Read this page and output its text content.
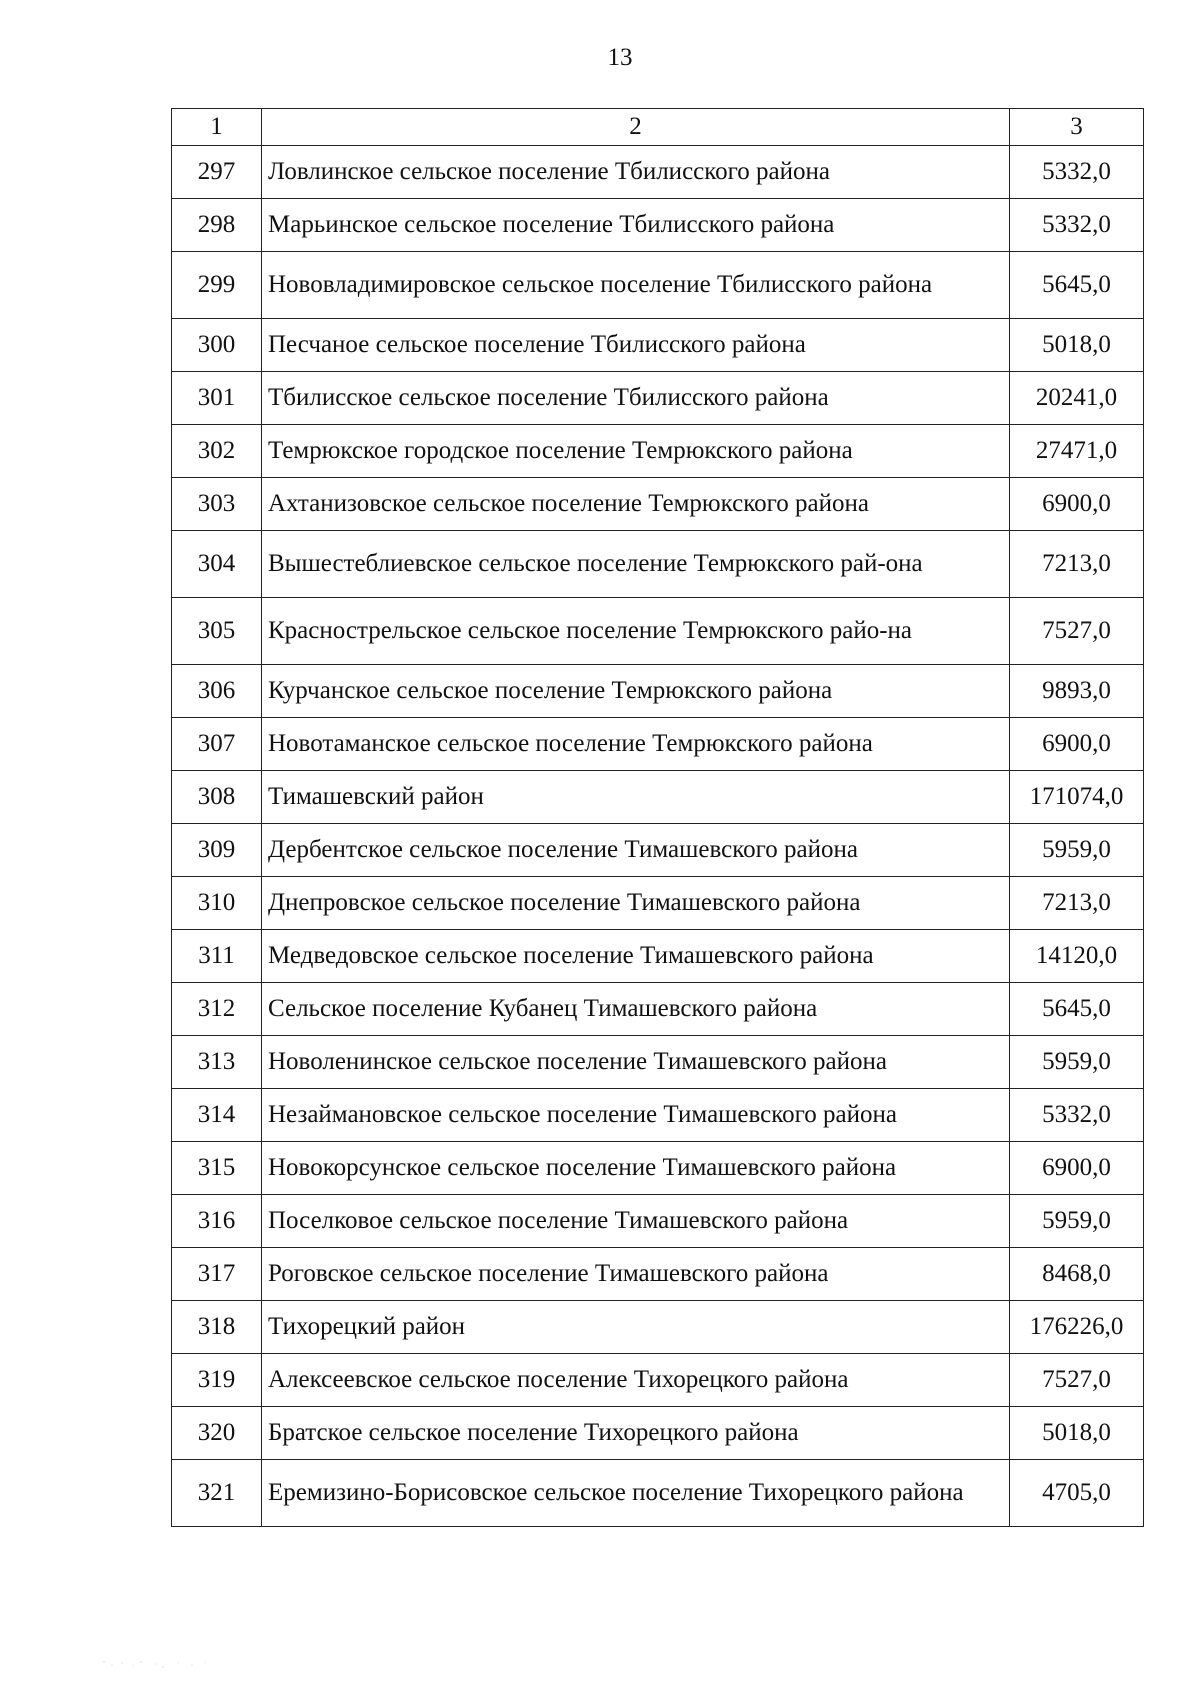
13
1	2	3
297	Ловлинское сельское поселение Тбилисского района	5332,0
298	Марьинское сельское поселение Тбилисского района	5332,0
299	Нововладимировское сельское поселение Тбилисского района	5645,0
300	Песчаное сельское поселение Тбилисского района	5018,0
301	Тбилисское сельское поселение Тбилисского района	20241,0
302	Темрюкское городское поселение Темрюкского района	27471,0
303	Ахтанизовское сельское поселение Темрюкского района	6900,0
304	Вышестеблиевское сельское поселение Темрюкского рай-она	7213,0
305	Краснострельское сельское поселение Темрюкского райо-на	7527,0
306	Курчанское сельское поселение Темрюкского района	9893,0
307	Новотаманское сельское поселение Темрюкского района	6900,0
308	Тимашевский район	171074,0
309	Дербентское сельское поселение Тимашевского района	5959,0
310	Днепровское сельское поселение Тимашевского района	7213,0
311	Медведовское сельское поселение Тимашевского района	14120,0
312	Сельское поселение Кубанец Тимашевского района	5645,0
313	Новоленинское сельское поселение Тимашевского района	5959,0
314	Незаймановское сельское поселение Тимашевского района	5332,0
315	Новокорсунское сельское поселение Тимашевского района	6900,0
316	Поселковое сельское поселение Тимашевского района	5959,0
317	Роговское сельское поселение Тимашевского района	8468,0
318	Тихорецкий район	176226,0
319	Алексеевское сельское поселение Тихорецкого района	7527,0
320	Братское сельское поселение Тихорецкого района	5018,0
321	Еремизино-Борисовское сельское поселение Тихорецкого района	4705,0
